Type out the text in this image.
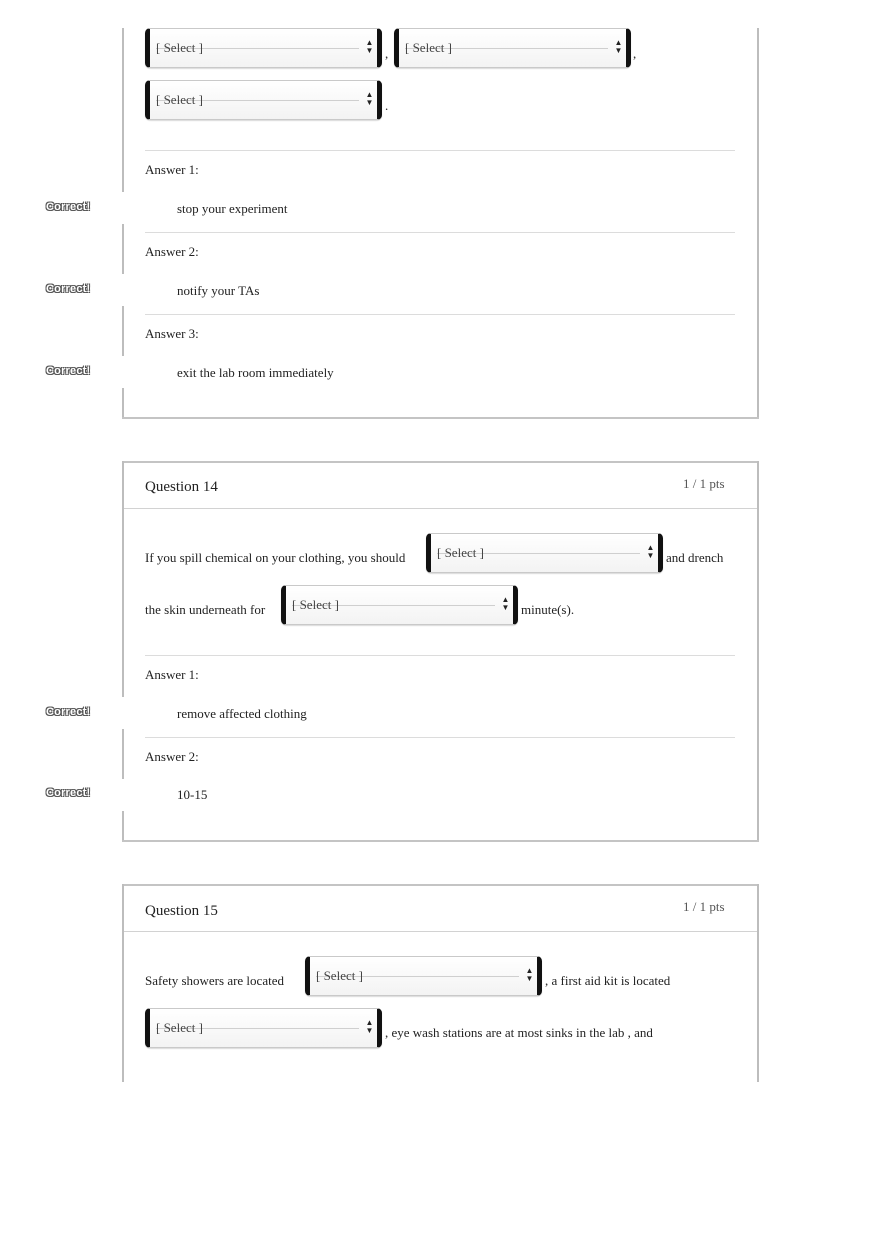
[ Select ]	▲
▼ , [ Select ]	▲
▼ ,
[ Select ]	▲
▼ .
Answer 1:
Correct!	stop your experiment
Answer 2:
Correct!	notify your TAs
Answer 3:
Correct!	exit the lab room immediately
Question 14	1 / 1 pts
If you spill chemical on your clothing, you should [ Select ]	▲
▼ and drench
the skin underneath for [ Select ]	▲
▼ minute(s).
Answer 1:
Correct!	remove affected clothing
Answer 2:
Correct!	10-15
Question 15	1 / 1 pts
Safety showers are located [ Select ]	▲
▼ , a first aid kit is located
[ Select ]	▲
▼ , eye wash stations are at most sinks in the lab , and
